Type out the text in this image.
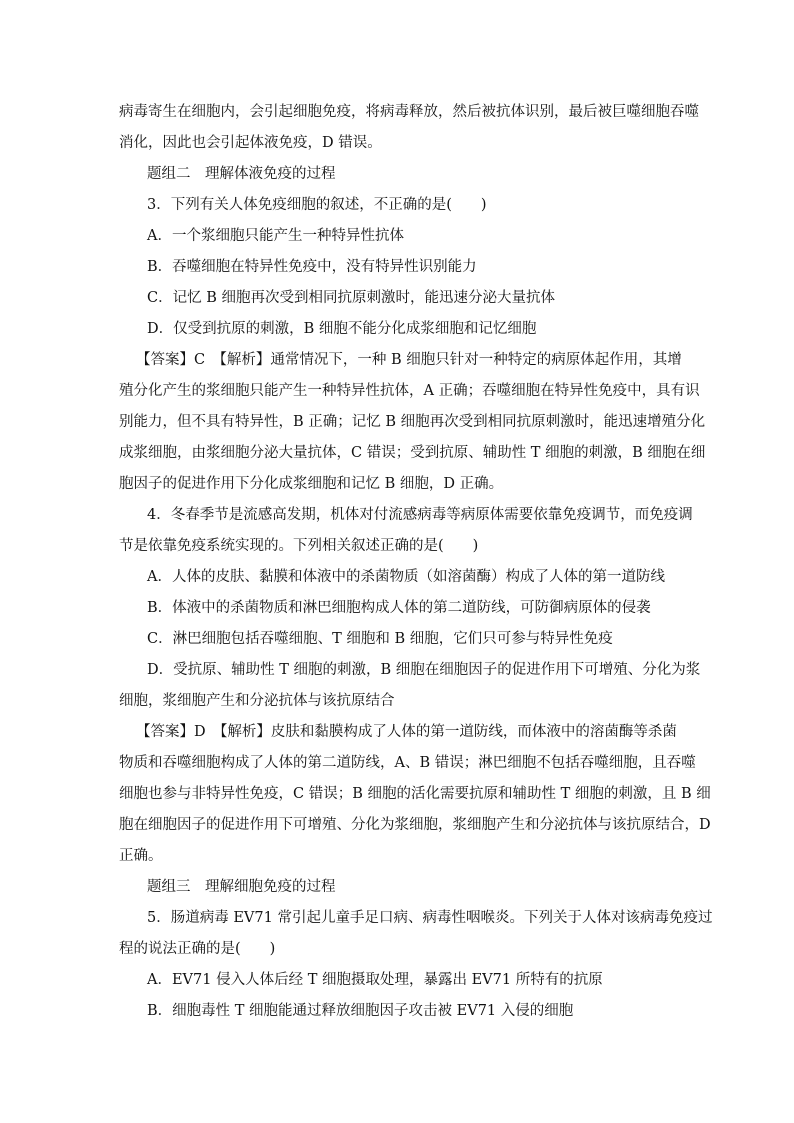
病毒寄生在细胞内，会引起细胞免疫，将病毒释放，然后被抗体识别，最后被巨噬细胞吞噬
消化，因此也会引起体液免疫，D 错误。
题组二　理解体液免疫的过程
3．下列有关人体免疫细胞的叙述，不正确的是(　　)
A．一个浆细胞只能产生一种特异性抗体
B．吞噬细胞在特异性免疫中，没有特异性识别能力
C．记忆 B 细胞再次受到相同抗原刺激时，能迅速分泌大量抗体
D．仅受到抗原的刺激，B 细胞不能分化成浆细胞和记忆细胞
【答案】C　【解析】通常情况下，一种 B 细胞只针对一种特定的病原体起作用，其增
殖分化产生的浆细胞只能产生一种特异性抗体，A 正确；吞噬细胞在特异性免疫中，具有识
别能力，但不具有特异性，B 正确；记忆 B 细胞再次受到相同抗原刺激时，能迅速增殖分化
成浆细胞，由浆细胞分泌大量抗体，C 错误；受到抗原、辅助性 T 细胞的刺激，B 细胞在细
胞因子的促进作用下分化成浆细胞和记忆 B 细胞，D 正确。
4．冬春季节是流感高发期，机体对付流感病毒等病原体需要依靠免疫调节，而免疫调
节是依靠免疫系统实现的。下列相关叙述正确的是(　　)
A．人体的皮肤、黏膜和体液中的杀菌物质（如溶菌酶）构成了人体的第一道防线
B．体液中的杀菌物质和淋巴细胞构成人体的第二道防线，可防御病原体的侵袭
C．淋巴细胞包括吞噬细胞、T 细胞和 B 细胞，它们只可参与特异性免疫
D．受抗原、辅助性 T 细胞的刺激，B 细胞在细胞因子的促进作用下可增殖、分化为浆
细胞，浆细胞产生和分泌抗体与该抗原结合
【答案】D　【解析】皮肤和黏膜构成了人体的第一道防线，而体液中的溶菌酶等杀菌
物质和吞噬细胞构成了人体的第二道防线，A、B 错误；淋巴细胞不包括吞噬细胞，且吞噬
细胞也参与非特异性免疫，C 错误；B 细胞的活化需要抗原和辅助性 T 细胞的刺激，且 B 细
胞在细胞因子的促进作用下可增殖、分化为浆细胞，浆细胞产生和分泌抗体与该抗原结合，D
正确。
题组三　理解细胞免疫的过程
5．肠道病毒 EV71 常引起儿童手足口病、病毒性咽喉炎。下列关于人体对该病毒免疫过
程的说法正确的是(　　)
A．EV71 侵入人体后经 T 细胞摄取处理，暴露出 EV71 所特有的抗原
B．细胞毒性 T 细胞能通过释放细胞因子攻击被 EV71 入侵的细胞
